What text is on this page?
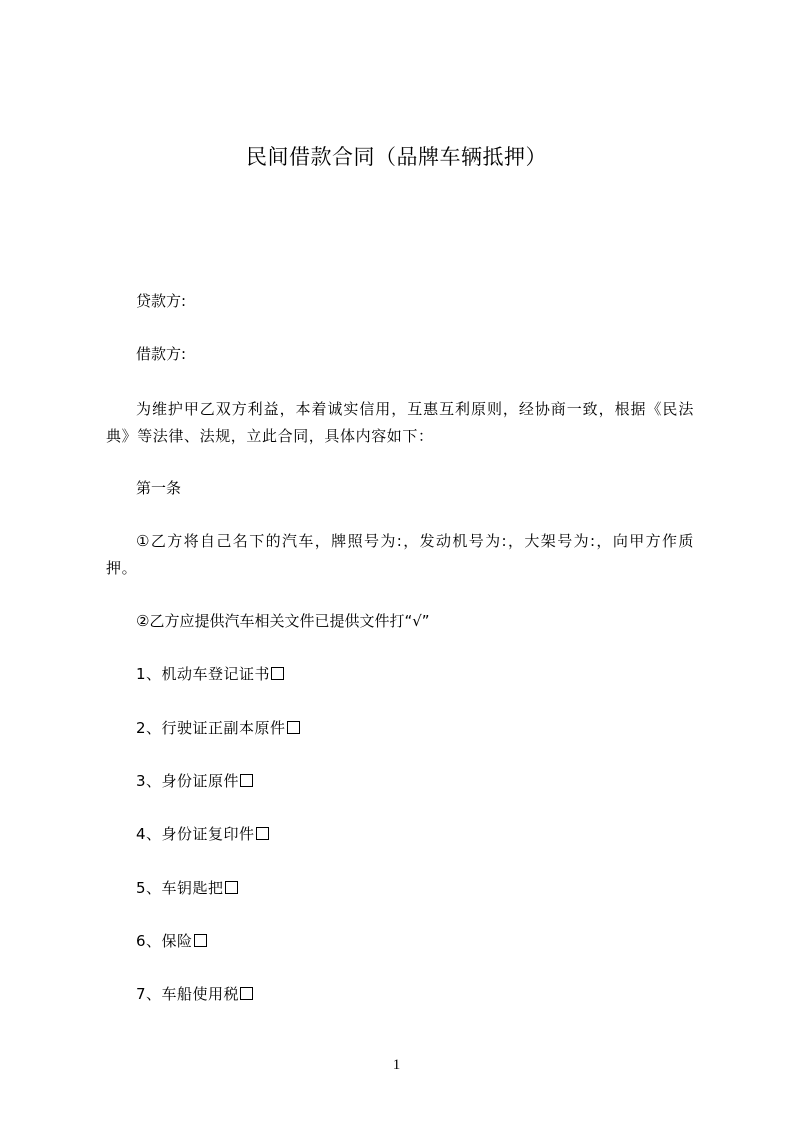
民间借款合同（品牌车辆抵押）
贷款方:
借款方:
为维护甲乙双方利益，本着诚实信用，互惠互利原则，经协商一致，根据《民法典》等法律、法规，立此合同，具体内容如下：
第一条
①乙方将自己名下的汽车，牌照号为:，发动机号为:，大架号为:，向甲方作质押。
②乙方应提供汽车相关文件已提供文件打“√”
1、机动车登记证书
2、行驶证正副本原件
3、身份证原件
4、身份证复印件
5、车钥匙把
6、保险
7、车船使用税
1
